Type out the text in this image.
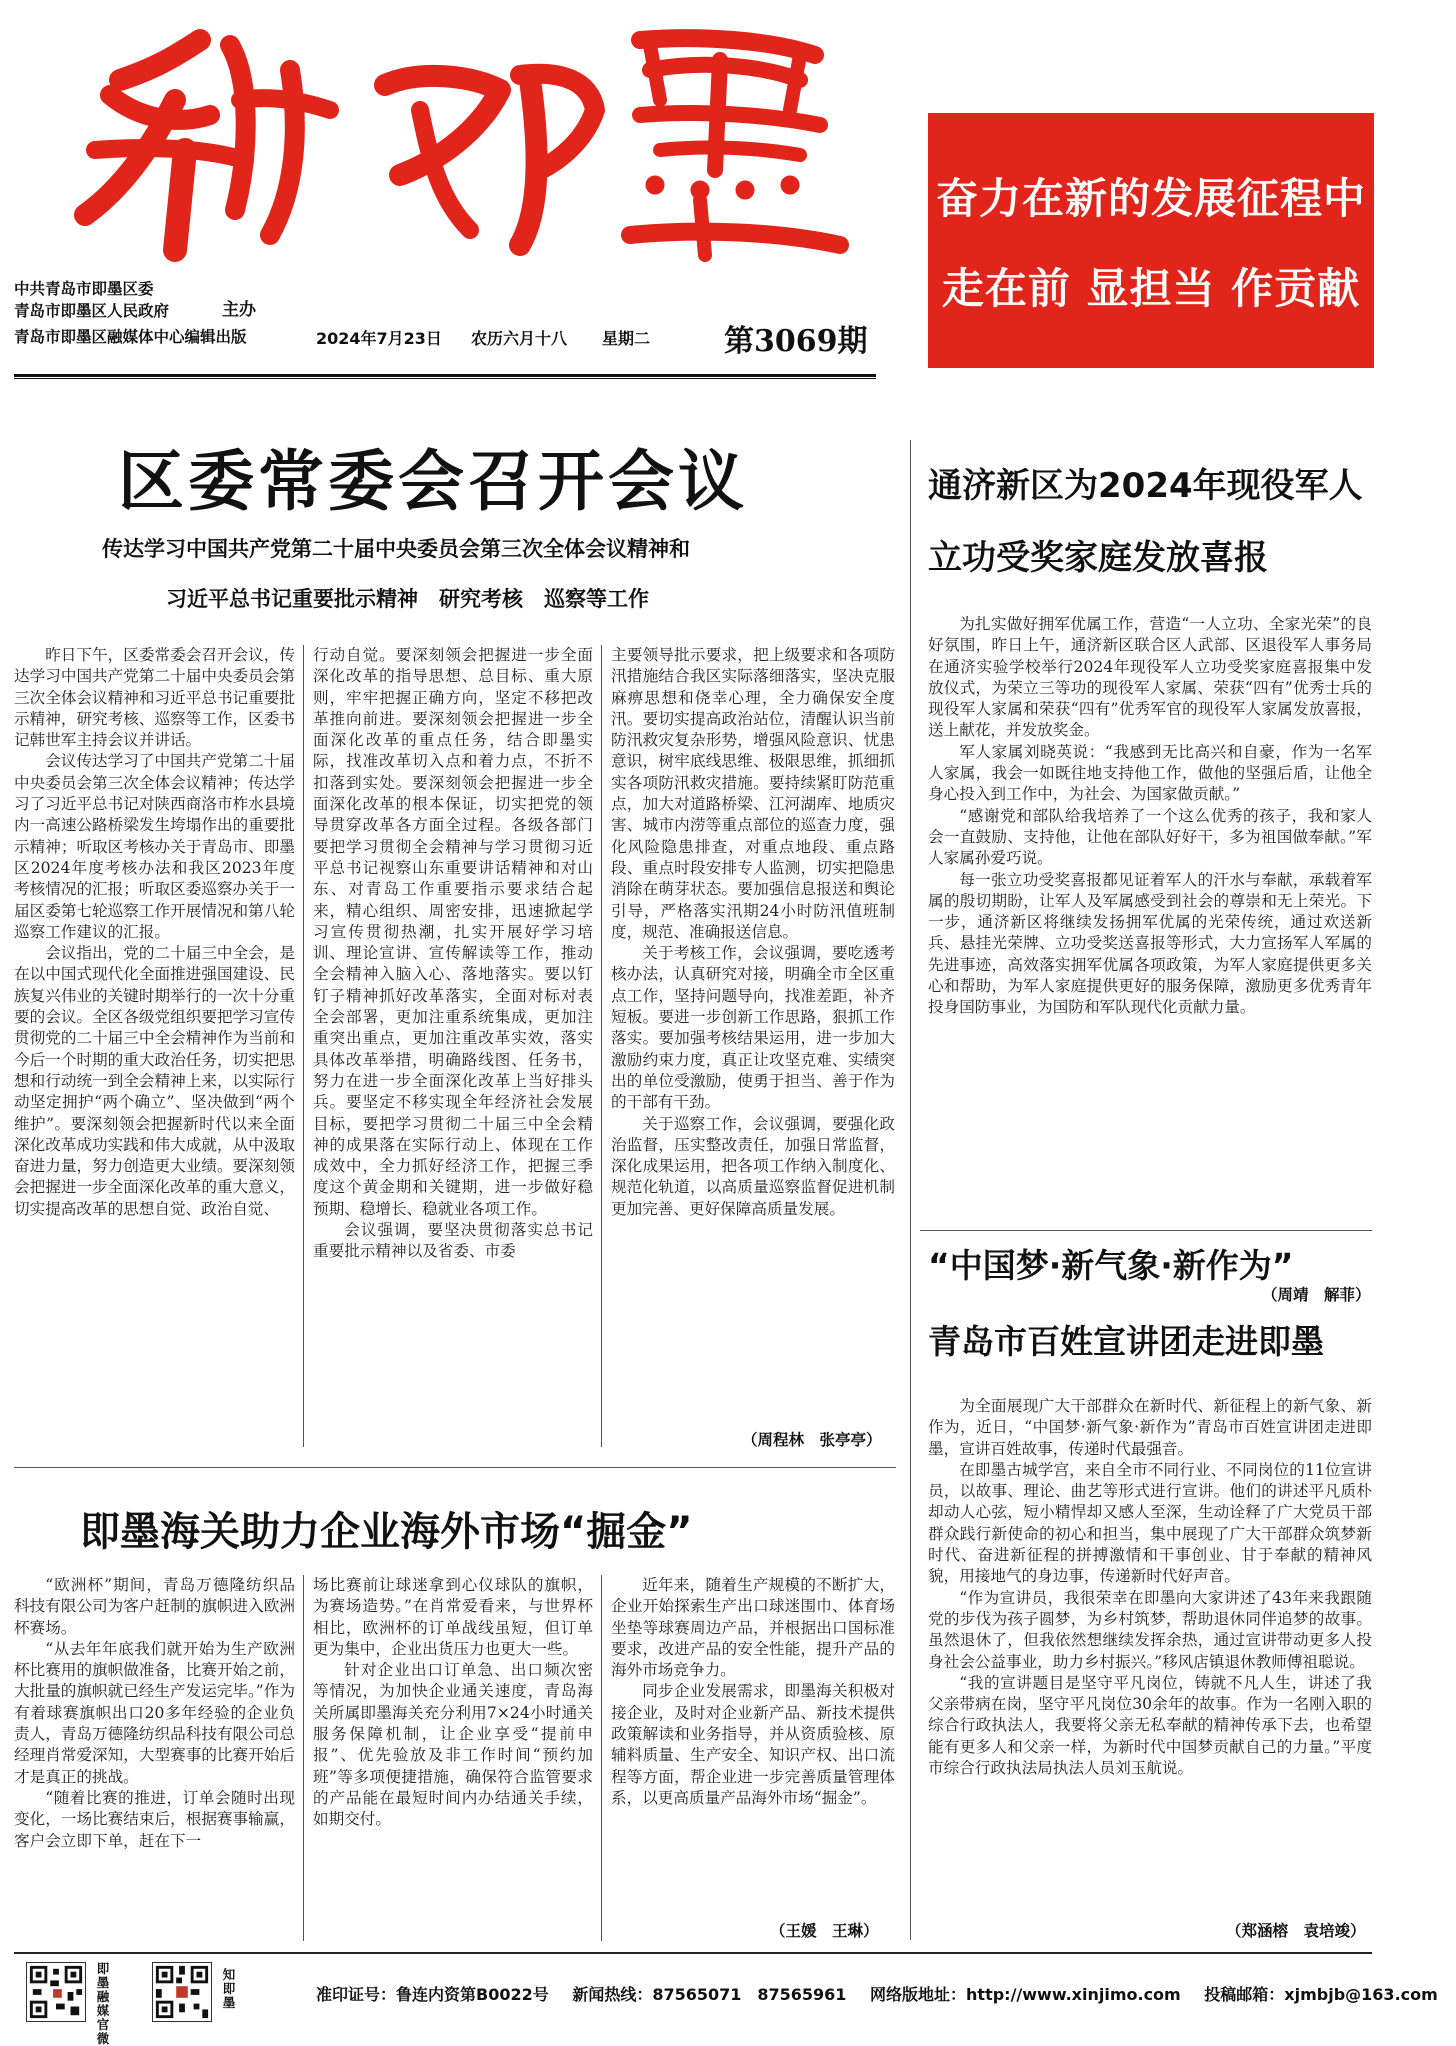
中共青岛市即墨区委
青岛市即墨区人民政府
青岛市即墨区融媒体中心编辑出版
主办
2024年7月23日 农历六月十八 星期二 第3069期
奋力在新的发展征程中
走在前 显担当 作贡献
区委常委会召开会议
传达学习中国共产党第二十届中央委员会第三次全体会议精神和
习近平总书记重要批示精神　研究考核　巡察等工作

昨日下午，区委常委会召开会议，传达学习中国共产党第二十届中央委员会第三次全体会议精神和习近平总书记重要批示精神，研究考核、巡察等工作，区委书记韩世军主持会议并讲话。

会议传达学习了中国共产党第二十届中央委员会第三次全体会议精神；传达学习了习近平总书记对陕西商洛市柞水县境内一高速公路桥梁发生垮塌作出的重要批示精神；听取区考核办关于青岛市、即墨区2024年度考核办法和我区2023年度考核情况的汇报；听取区委巡察办关于一届区委第七轮巡察工作开展情况和第八轮巡察工作建议的汇报。

会议指出，党的二十届三中全会，是在以中国式现代化全面推进强国建设、民族复兴伟业的关键时期举行的一次十分重要的会议。全区各级党组织要把学习宣传贯彻党的二十届三中全会精神作为当前和今后一个时期的重大政治任务，切实把思想和行动统一到全会精神上来，以实际行动坚定拥护“两个确立”、坚决做到“两个维护”。要深刻领会把握新时代以来全面深化改革成功实践和伟大成就，从中汲取奋进力量，努力创造更大业绩。要深刻领会把握进一步全面深化改革的重大意义，切实提高改革的思想自觉、政治自觉、

行动自觉。要深刻领会把握进一步全面深化改革的指导思想、总目标、重大原则，牢牢把握正确方向，坚定不移把改革推向前进。要深刻领会把握进一步全面深化改革的重点任务，结合即墨实际，找准改革切入点和着力点，不折不扣落到实处。要深刻领会把握进一步全面深化改革的根本保证，切实把党的领导贯穿改革各方面全过程。各级各部门要把学习贯彻全会精神与学习贯彻习近平总书记视察山东重要讲话精神和对山东、对青岛工作重要指示要求结合起来，精心组织、周密安排，迅速掀起学习宣传贯彻热潮，扎实开展好学习培训、理论宣讲、宣传解读等工作，推动全会精神入脑入心、落地落实。要以钉钉子精神抓好改革落实，全面对标对表全会部署，更加注重系统集成，更加注重突出重点，更加注重改革实效，落实具体改革举措，明确路线图、任务书，努力在进一步全面深化改革上当好排头兵。要坚定不移实现全年经济社会发展目标，要把学习贯彻二十届三中全会精神的成果落在实际行动上、体现在工作成效中，全力抓好经济工作，把握三季度这个黄金期和关键期，进一步做好稳预期、稳增长、稳就业各项工作。

会议强调，要坚决贯彻落实总书记重要批示精神以及省委、市委

主要领导批示要求，把上级要求和各项防汛措施结合我区实际落细落实，坚决克服麻痹思想和侥幸心理，全力确保安全度汛。要切实提高政治站位，清醒认识当前防汛救灾复杂形势，增强风险意识、忧患意识，树牢底线思维、极限思维，抓细抓实各项防汛救灾措施。要持续紧盯防范重点，加大对道路桥梁、江河湖库、地质灾害、城市内涝等重点部位的巡查力度，强化风险隐患排查，对重点地段、重点路段、重点时段安排专人监测，切实把隐患消除在萌芽状态。要加强信息报送和舆论引导，严格落实汛期24小时防汛值班制度，规范、准确报送信息。

关于考核工作，会议强调，要吃透考核办法，认真研究对接，明确全市全区重点工作，坚持问题导向，找准差距，补齐短板。要进一步创新工作思路，狠抓工作落实。要加强考核结果运用，进一步加大激励约束力度，真正让攻坚克难、实绩突出的单位受激励，使勇于担当、善于作为的干部有干劲。

关于巡察工作，会议强调，要强化政治监督，压实整改责任，加强日常监督，深化成果运用，把各项工作纳入制度化、规范化轨道，以高质量巡察监督促进机制更加完善、更好保障高质量发展。

（周程林　张亭亭）
即墨海关助力企业海外市场“掘金”

“欧洲杯”期间，青岛万德隆纺织品科技有限公司为客户赶制的旗帜进入欧洲杯赛场。

“从去年年底我们就开始为生产欧洲杯比赛用的旗帜做准备，比赛开始之前，大批量的旗帜就已经生产发运完毕。”作为有着球赛旗帜出口20多年经验的企业负责人，青岛万德隆纺织品科技有限公司总经理肖常爱深知，大型赛事的比赛开始后才是真正的挑战。

“随着比赛的推进，订单会随时出现变化，一场比赛结束后，根据赛事输赢，客户会立即下单，赶在下一

场比赛前让球迷拿到心仪球队的旗帜，为赛场造势。”在肖常爱看来，与世界杯相比，欧洲杯的订单战线虽短，但订单更为集中，企业出货压力也更大一些。

针对企业出口订单急、出口频次密等情况，为加快企业通关速度，青岛海关所属即墨海关充分利用7×24小时通关服务保障机制，让企业享受“提前申报”、优先验放及非工作时间“预约加班”等多项便捷措施，确保符合监管要求的产品能在最短时间内办结通关手续，如期交付。

近年来，随着生产规模的不断扩大，企业开始探索生产出口球迷围巾、体育场坐垫等球赛周边产品，并根据出口国标准要求，改进产品的安全性能，提升产品的海外市场竞争力。

同步企业发展需求，即墨海关积极对接企业，及时对企业新产品、新技术提供政策解读和业务指导，并从资质验核、原辅料质量、生产安全、知识产权、出口流程等方面，帮企业进一步完善质量管理体系，以更高质量产品海外市场“掘金”。

（王媛　王琳）
通济新区为2024年现役军人
立功受奖家庭发放喜报

为扎实做好拥军优属工作，营造“一人立功、全家光荣”的良好氛围，昨日上午，通济新区联合区人武部、区退役军人事务局在通济实验学校举行2024年现役军人立功受奖家庭喜报集中发放仪式，为荣立三等功的现役军人家属、荣获“四有”优秀士兵的现役军人家属和荣获“四有”优秀军官的现役军人家属发放喜报，送上献花，并发放奖金。

军人家属刘晓英说：“我感到无比高兴和自豪，作为一名军人家属，我会一如既往地支持他工作，做他的坚强后盾，让他全身心投入到工作中，为社会、为国家做贡献。”

“感谢党和部队给我培养了一个这么优秀的孩子，我和家人会一直鼓励、支持他，让他在部队好好干，多为祖国做奉献。”军人家属孙爱巧说。

每一张立功受奖喜报都见证着军人的汗水与奉献，承载着军属的殷切期盼，让军人及军属感受到社会的尊崇和无上荣光。下一步，通济新区将继续发扬拥军优属的光荣传统，通过欢送新兵、悬挂光荣牌、立功受奖送喜报等形式，大力宣扬军人军属的先进事迹，高效落实拥军优属各项政策，为军人家庭提供更多关心和帮助，为军人家庭提供更好的服务保障，激励更多优秀青年投身国防事业，为国防和军队现代化贡献力量。

（周靖　解菲）
“中国梦·新气象·新作为”
青岛市百姓宣讲团走进即墨

为全面展现广大干部群众在新时代、新征程上的新气象、新作为，近日，“中国梦·新气象·新作为”青岛市百姓宣讲团走进即墨，宣讲百姓故事，传递时代最强音。

在即墨古城学宫，来自全市不同行业、不同岗位的11位宣讲员，以故事、理论、曲艺等形式进行宣讲。他们的讲述平凡质朴却动人心弦，短小精悍却又感人至深，生动诠释了广大党员干部群众践行新使命的初心和担当，集中展现了广大干部群众筑梦新时代、奋进新征程的拼搏激情和干事创业、甘于奉献的精神风貌，用接地气的身边事，传递新时代好声音。

“作为宣讲员，我很荣幸在即墨向大家讲述了43年来我跟随党的步伐为孩子圆梦，为乡村筑梦，帮助退休同伴追梦的故事。虽然退休了，但我依然想继续发挥余热，通过宣讲带动更多人投身社会公益事业，助力乡村振兴。”移风店镇退休教师傅祖聪说。

“我的宣讲题目是坚守平凡岗位，铸就不凡人生，讲述了我父亲带病在岗，坚守平凡岗位30余年的故事。作为一名刚入职的综合行政执法人，我要将父亲无私奉献的精神传承下去，也希望能有更多人和父亲一样，为新时代中国梦贡献自己的力量。”平度市综合行政执法局执法人员刘玉航说。

（郑涵榕　袁培竣）
即墨融媒官微
知即墨	准印证号：鲁连内资第B0022号 新闻热线：87565071　87565961 网络版地址：http://www.xinjimo.com 投稿邮箱：xjmbjb@163.com
